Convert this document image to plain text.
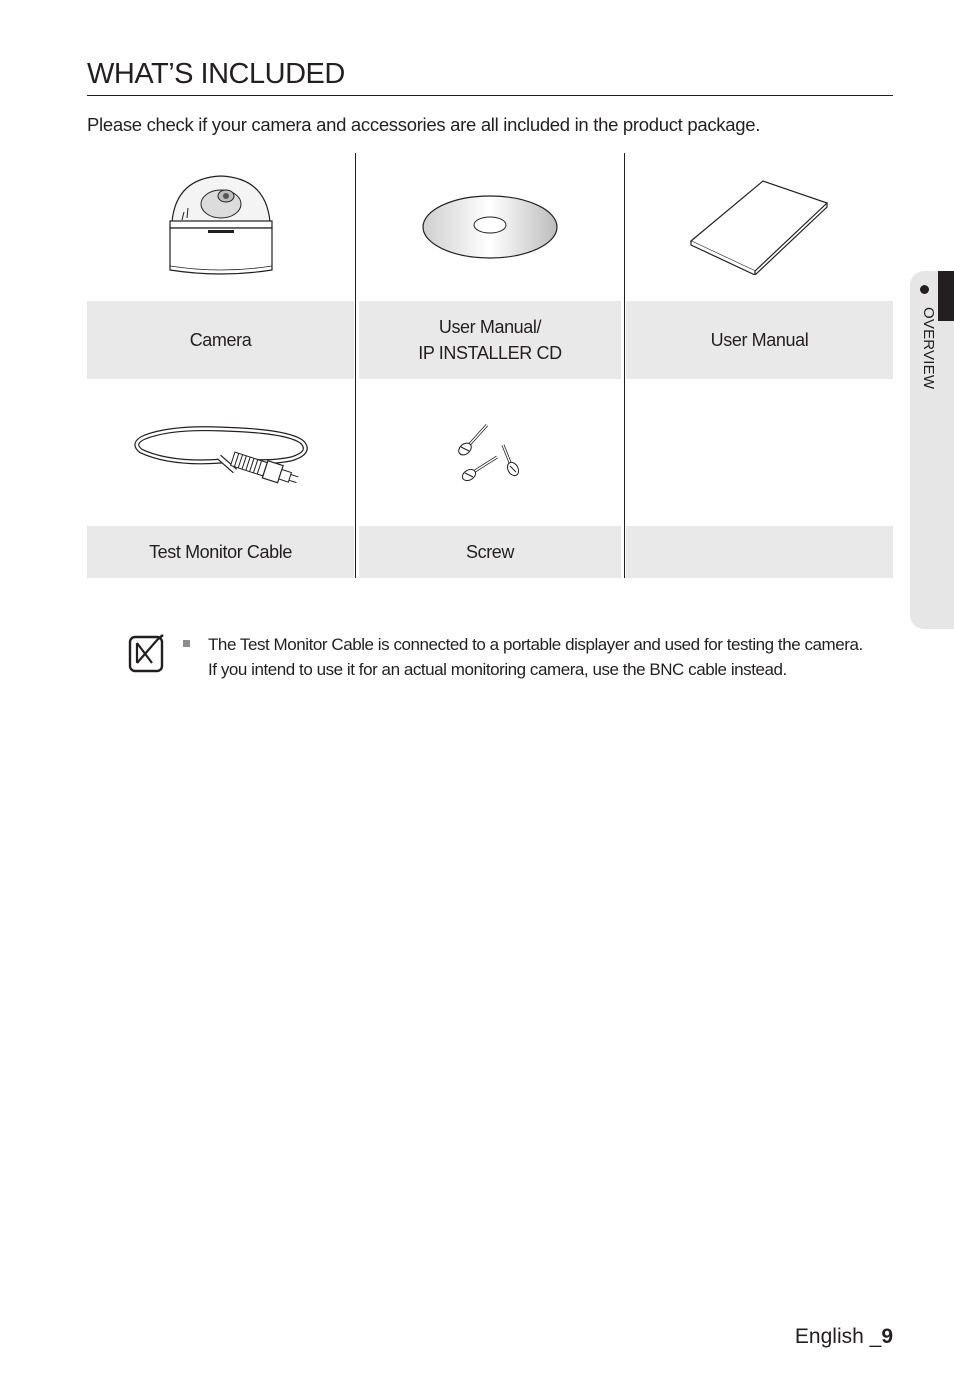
WHAT’S INCLUDED
Please check if your camera and accessories are all included in the product package.
Camera
User Manual/
IP INSTALLER CD
User Manual
Test Monitor Cable	Screw
The Test Monitor Cable is connected to a portable displayer and used for testing the camera.
If you intend to use it for an actual monitoring camera, use the BNC cable instead.
OVERVIEW
English _9
